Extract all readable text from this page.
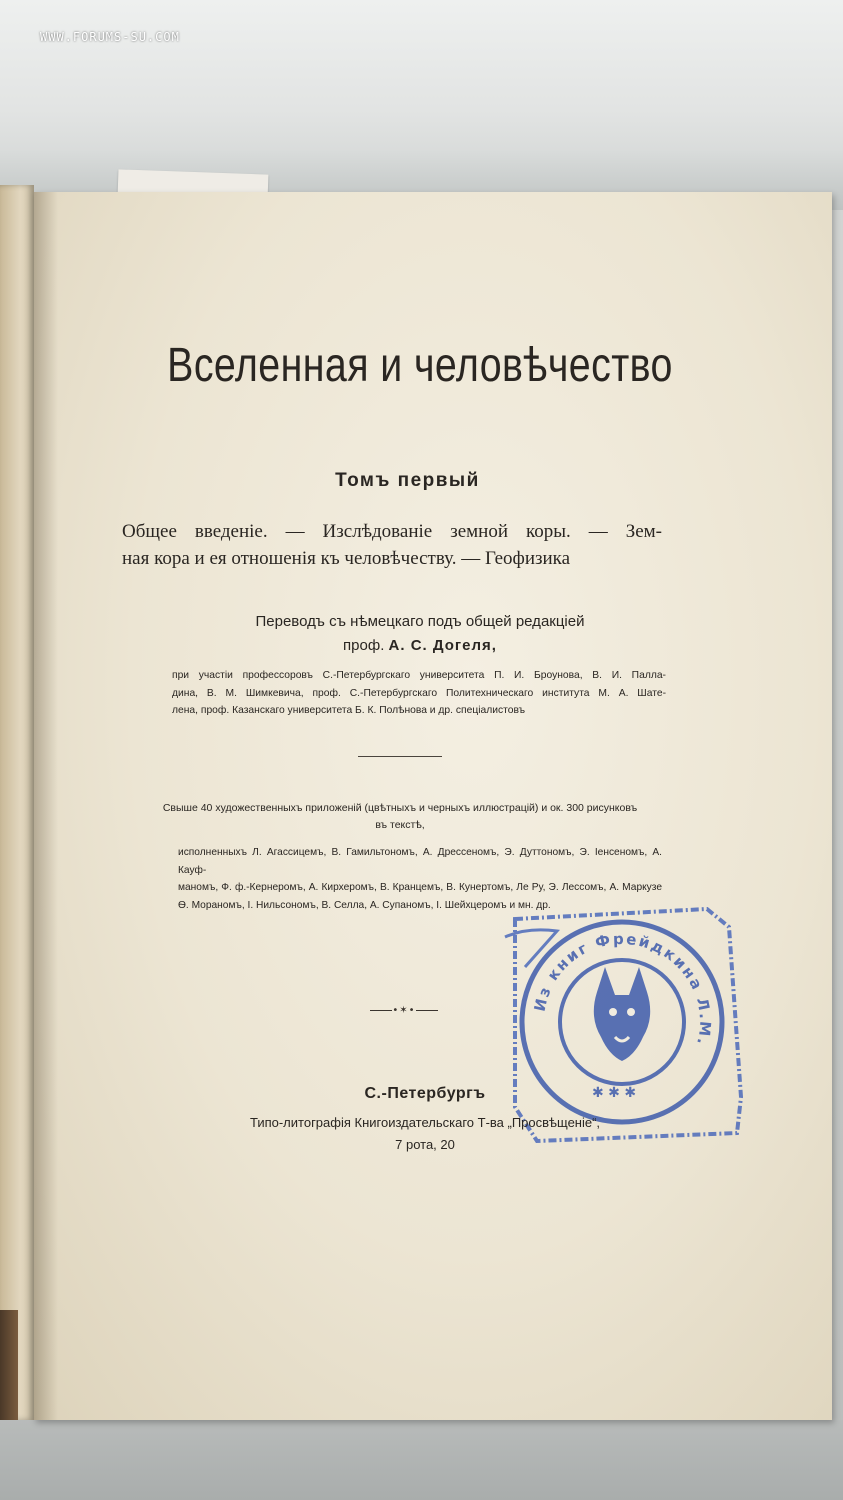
WWW.FORUMS-SU.COM
Вселенная и человѣчество
Томъ первый
Общее введеніе. — Изслѣдованіе земной коры. — Зем-
ная кора и ея отношенія къ человѣчеству. — Геофизика
Переводъ съ нѣмецкаго подъ общей редакціей
проф. А. С. Догеля,
при участіи профессоровъ С.-Петербургскаго университета П. И. Броунова, В. И. Палла-
дина, В. М. Шимкевича, проф. С.-Петербургскаго Политехническаго института М. А. Шате-
лена, проф. Казанскаго университета Б. К. Полѣнова и др. спеціалистовъ
Свыше 40 художественныхъ приложеній (цвѣтныхъ и черныхъ иллюстрацій) и ок. 300 рисунковъ
въ текстѣ,
исполненныхъ Л. Агассицемъ, В. Гамильтономъ, А. Дрессеномъ, Э. Дуттономъ, Э. Іенсеномъ, А. Кауф-
маномъ, Ф. ф.-Кернеромъ, А. Кирхеромъ, В. Кранцемъ, В. Кунертомъ, Ле Ру, Э. Лессомъ, А. Маркузе
Ѳ. Мораномъ, І. Нильсономъ, В. Селла, А. Супаномъ, І. Шейхцеромъ и мн. др.
•✶•	Из книг Фрейдкина Л.М.
✱ ✱ ✱
С.-Петербургъ
Типо-литографія Книгоиздательскаго Т-ва „Просвѣщеніе“,
7 рота, 20
